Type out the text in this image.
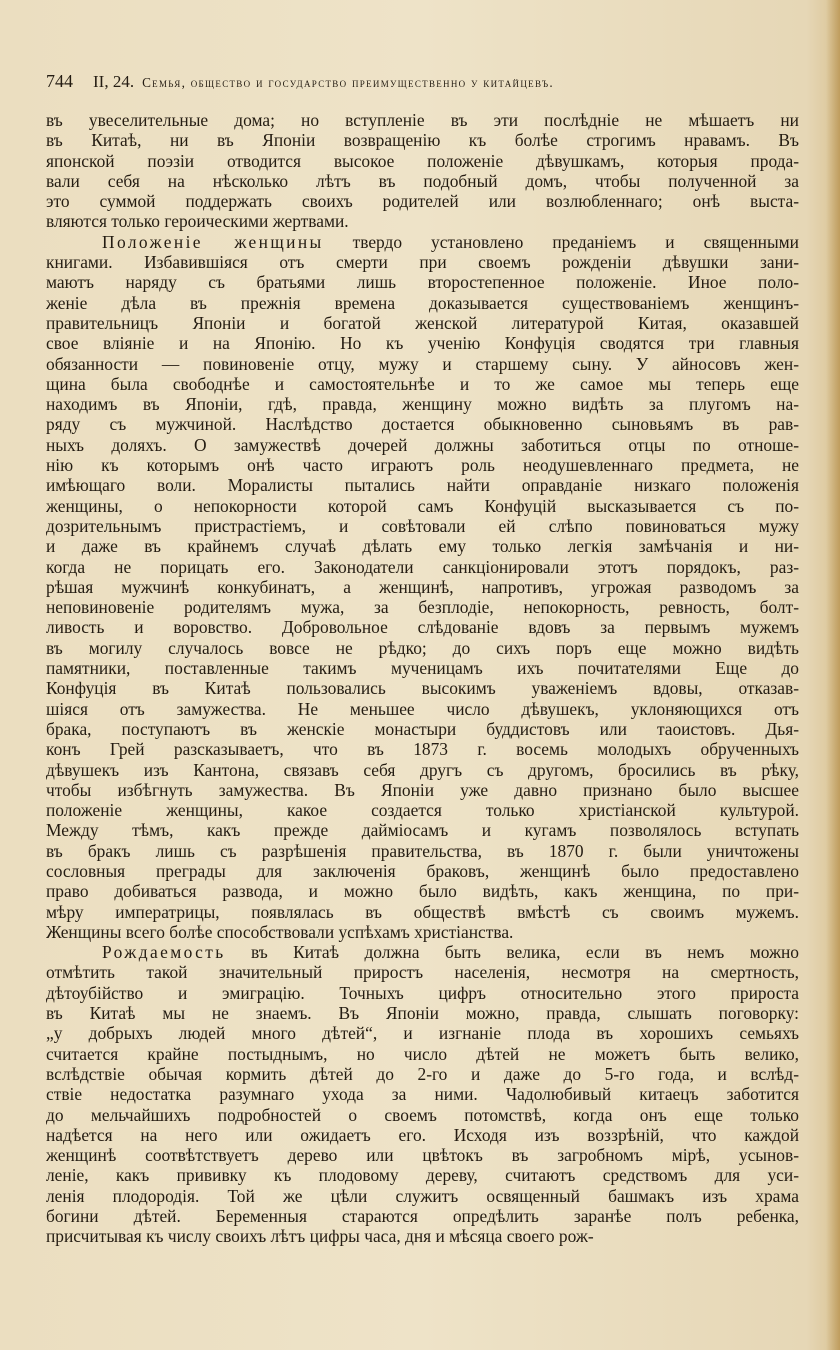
744 II, 24. Семья, общество и государство преимущественно у китайцевъ.
въ увеселительные дома; но вступленіе въ эти послѣдніе не мѣшаетъ ни
въ Китаѣ, ни въ Японіи возвращенію къ болѣе строгимъ нравамъ. Въ
японской поэзіи отводится высокое положеніе дѣвушкамъ, которыя прода-
вали себя на нѣсколько лѣтъ въ подобный домъ, чтобы полученной за
это суммой поддержать своихъ родителей или возлюбленнаго; онѣ выста-
вляются только героическими жертвами.
Положеніе женщины твердо установлено преданіемъ и священными
книгами. Избавившіяся отъ смерти при своемъ рожденіи дѣвушки зани-
маютъ наряду съ братьями лишь второстепенное положеніе. Иное поло-
женіе дѣла въ прежнія времена доказывается существованіемъ женщинъ-
правительницъ Японіи и богатой женской литературой Китая, оказавшей
свое вліяніе и на Японію. Но къ ученію Конфуція сводятся три главныя
обязанности — повиновеніе отцу, мужу и старшему сыну. У айносовъ жен-
щина была свободнѣе и самостоятельнѣе и то же самое мы теперь еще
находимъ въ Японіи, гдѣ, правда, женщину можно видѣть за плугомъ на-
ряду съ мужчиной. Наслѣдство достается обыкновенно сыновьямъ въ рав-
ныхъ доляхъ. О замужествѣ дочерей должны заботиться отцы по отноше-
нію къ которымъ онѣ часто играютъ роль неодушевленнаго предмета, не
имѣющаго воли. Моралисты пытались найти оправданіе низкаго положенія
женщины, о непокорности которой самъ Конфуцій высказывается съ по-
дозрительнымъ пристрастіемъ, и совѣтовали ей слѣпо повиноваться мужу
и даже въ крайнемъ случаѣ дѣлать ему только легкія замѣчанія и ни-
когда не порицать его. Законодатели санкціонировали этотъ порядокъ, раз-
рѣшая мужчинѣ конкубинатъ, а женщинѣ, напротивъ, угрожая разводомъ за
неповиновеніе родителямъ мужа, за безплодіе, непокорность, ревность, болт-
ливость и воровство. Добровольное слѣдованіе вдовъ за первымъ мужемъ
въ могилу случалось вовсе не рѣдко; до сихъ поръ еще можно видѣть
памятники, поставленные такимъ мученицамъ ихъ почитателями Еще до
Конфуція въ Китаѣ пользовались высокимъ уваженіемъ вдовы, отказав-
шіяся отъ замужества. Не меньшее число дѣвушекъ, уклоняющихся отъ
брака, поступаютъ въ женскіе монастыри буддистовъ или таоистовъ. Дья-
конъ Грей разсказываетъ, что въ 1873 г. восемь молодыхъ обрученныхъ
дѣвушекъ изъ Кантона, связавъ себя другъ съ другомъ, бросились въ рѣку,
чтобы избѣгнуть замужества. Въ Японіи уже давно признано было высшее
положеніе женщины, какое создается только христіанской культурой.
Между тѣмъ, какъ прежде дайміосамъ и кугамъ позволялось вступать
въ бракъ лишь съ разрѣшенія правительства, въ 1870 г. были уничтожены
сословныя преграды для заключенія браковъ, женщинѣ было предоставлено
право добиваться развода, и можно было видѣть, какъ женщина, по при-
мѣру императрицы, появлялась въ обществѣ вмѣстѣ съ своимъ мужемъ.
Женщины всего болѣе способствовали успѣхамъ христіанства.
Рождаемость въ Китаѣ должна быть велика, если въ немъ можно
отмѣтить такой значительный приростъ населенія, несмотря на смертность,
дѣтоубійство и эмиграцію. Точныхъ цифръ относительно этого прироста
въ Китаѣ мы не знаемъ. Въ Японіи можно, правда, слышать поговорку:
„у добрыхъ людей много дѣтей“, и изгнаніе плода въ хорошихъ семьяхъ
считается крайне постыднымъ, но число дѣтей не можетъ быть велико,
вслѣдствіе обычая кормить дѣтей до 2-го и даже до 5-го года, и вслѣд-
ствіе недостатка разумнаго ухода за ними. Чадолюбивый китаецъ заботится
до мельчайшихъ подробностей о своемъ потомствѣ, когда онъ еще только
надѣется на него или ожидаетъ его. Исходя изъ воззрѣній, что каждой
женщинѣ соотвѣтствуетъ дерево или цвѣтокъ въ загробномъ мірѣ, усынов-
леніе, какъ прививку къ плодовому дереву, считаютъ средствомъ для уси-
ленія плодородія. Той же цѣли служитъ освященный башмакъ изъ храма
богини дѣтей. Беременныя стараются опредѣлить заранѣе полъ ребенка,
присчитывая къ числу своихъ лѣтъ цифры часа, дня и мѣсяца своего рож-
